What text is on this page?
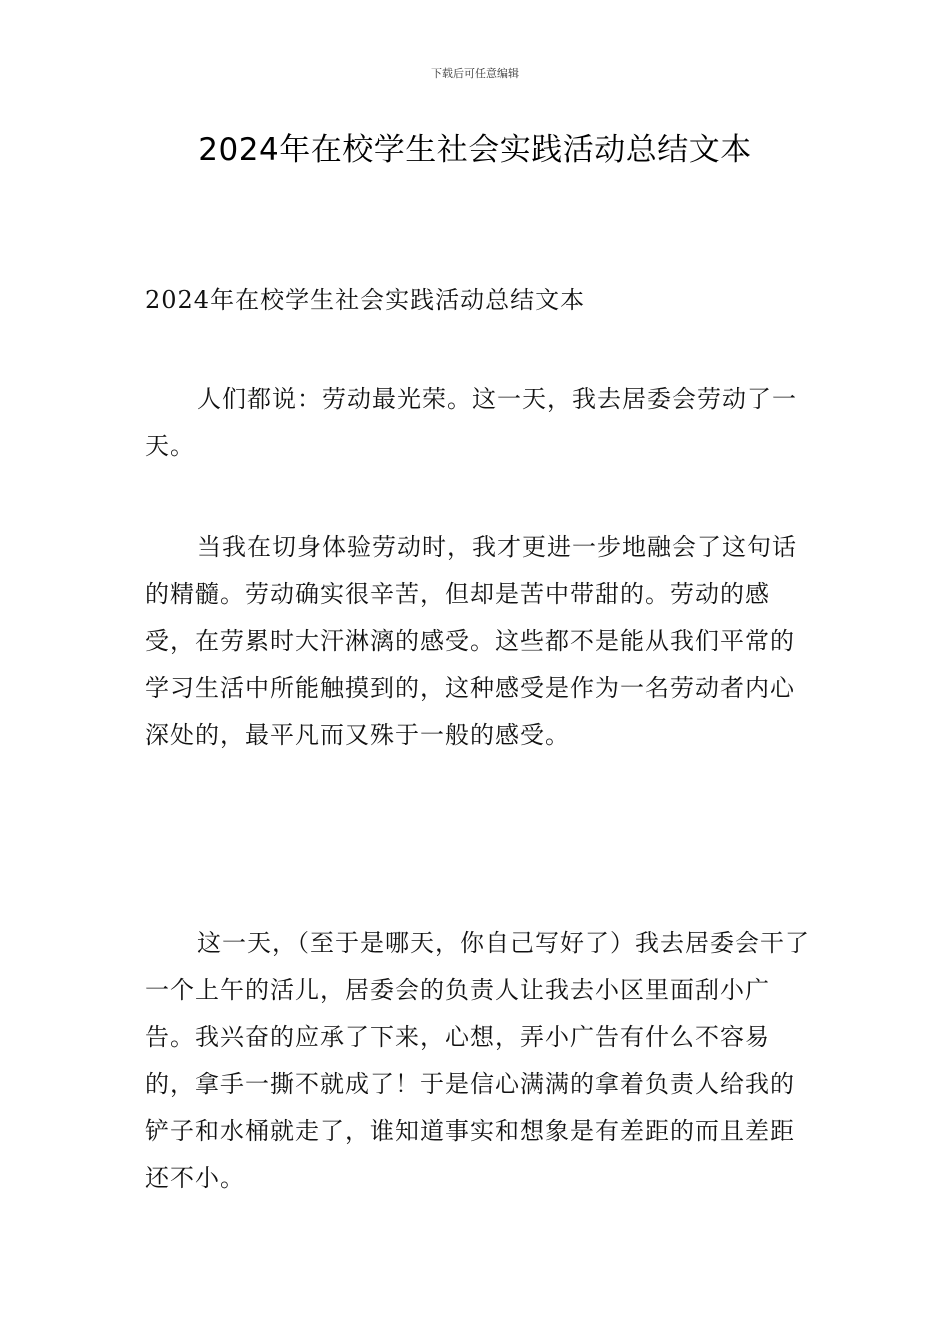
下载后可任意编辑
2024年在校学生社会实践活动总结文本

2024年在校学生社会实践活动总结文本

人们都说：劳动最光荣。这一天，我去居委会劳动了一天。

当我在切身体验劳动时，我才更进一步地融会了这句话的精髓。劳动确实很辛苦，但却是苦中带甜的。劳动的感受，在劳累时大汗淋漓的感受。这些都不是能从我们平常的学习生活中所能触摸到的，这种感受是作为一名劳动者内心深处的，最平凡而又殊于一般的感受。

这一天，（至于是哪天，你自己写好了）我去居委会干了一个上午的活儿，居委会的负责人让我去小区里面刮小广告。我兴奋的应承了下来，心想，弄小广告有什么不容易的，拿手一撕不就成了！于是信心满满的拿着负责人给我的铲子和水桶就走了，谁知道事实和想象是有差距的而且差距还不小。
